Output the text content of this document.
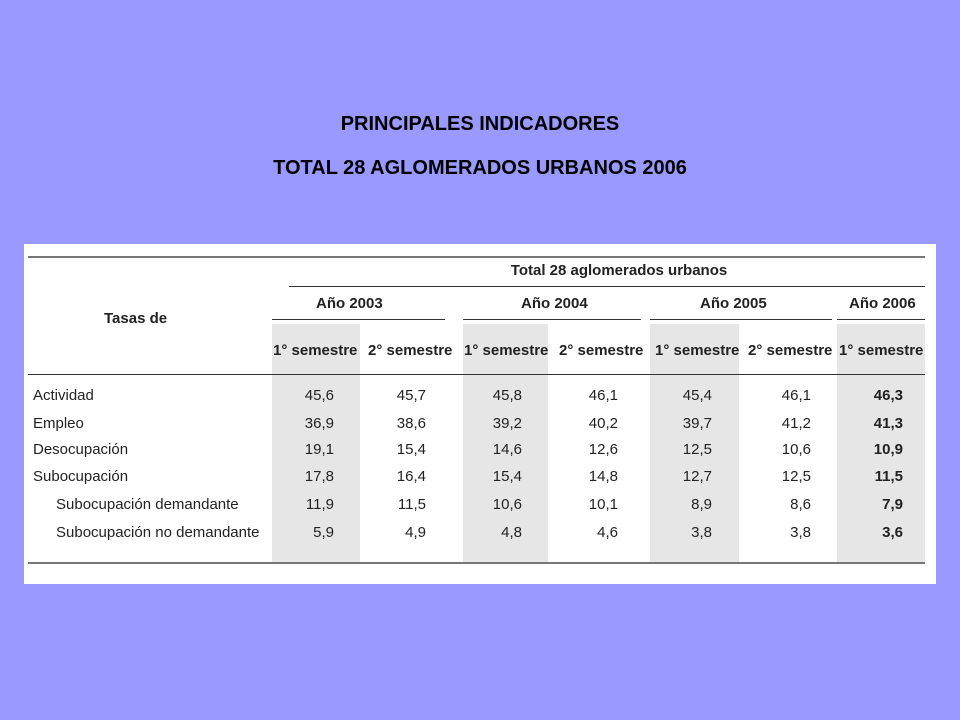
PRINCIPALES INDICADORES
TOTAL 28 AGLOMERADOS URBANOS 2006
Tasas de
Total 28 aglomerados urbanos
Año 2003	Año 2004	Año 2005	Año 2006
1° semestre 2° semestre 1° semestre 2° semestre 1° semestre 2° semestre 1° semestre
Actividad	45,6	45,7	45,8	46,1	45,4	46,1	46,3
Empleo	36,9	38,6	39,2	40,2	39,7	41,2	41,3
Desocupación	19,1	15,4	14,6	12,6	12,5	10,6	10,9
Subocupación	17,8	16,4	15,4	14,8	12,7	12,5	11,5
Subocupación demandante	11,9	11,5	10,6	10,1	8,9	8,6	7,9
Subocupación no demandante	5,9	4,9	4,8	4,6	3,8	3,8	3,6
